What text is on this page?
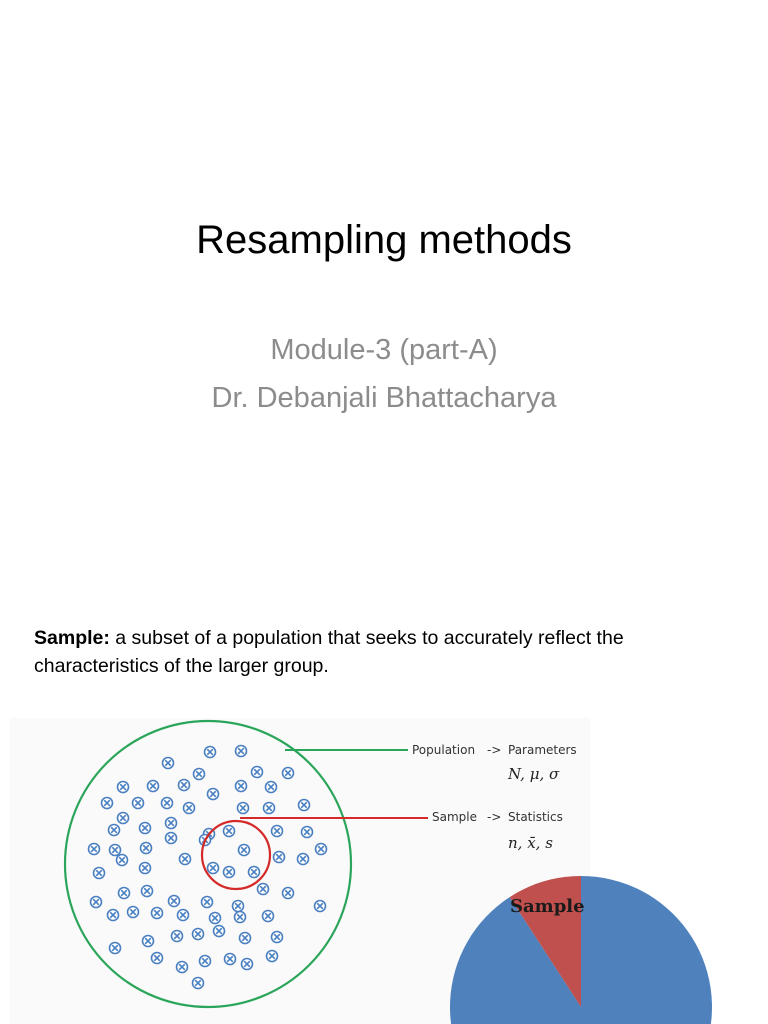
Resampling methods
Module-3 (part-A)
Dr. Debanjali Bhattacharya
Sample: a subset of a population that seeks to accurately reflect the characteristics of the larger group.
Population -> Parameters
N, μ, σ
Sample -> Statistics
n, x̄, s
Sample
